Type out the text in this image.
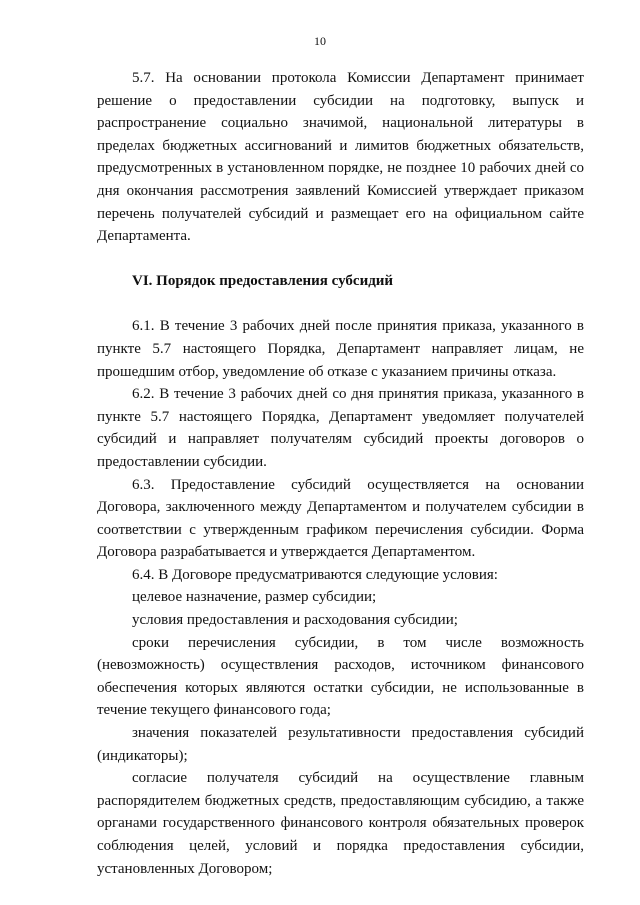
10

5.7. На основании протокола Комиссии Департамент принимает решение о предоставлении субсидии на подготовку, выпуск и распространение социально значимой, национальной литературы в пределах бюджетных ассигнований и лимитов бюджетных обязательств, предусмотренных в установленном порядке, не позднее 10 рабочих дней со дня окончания рассмотрения заявлений Комиссией утверждает приказом перечень получателей субсидий и размещает его на официальном сайте Департамента.

VI. Порядок предоставления субсидий

6.1. В течение 3 рабочих дней после принятия приказа, указанного в пункте 5.7 настоящего Порядка, Департамент направляет лицам, не прошедшим отбор, уведомление об отказе с указанием причины отказа.

6.2. В течение 3 рабочих дней со дня принятия приказа, указанного в пункте 5.7 настоящего Порядка, Департамент уведомляет получателей субсидий и направляет получателям субсидий проекты договоров о предоставлении субсидии.

6.3. Предоставление субсидий осуществляется на основании Договора, заключенного между Департаментом и получателем субсидии в соответствии с утвержденным графиком перечисления субсидии. Форма Договора разрабатывается и утверждается Департаментом.

6.4. В Договоре предусматриваются следующие условия:

целевое назначение, размер субсидии;

условия предоставления и расходования субсидии;

сроки перечисления субсидии, в том числе возможность (невозможность) осуществления расходов, источником финансового обеспечения которых являются остатки субсидии, не использованные в течение текущего финансового года;

значения показателей результативности предоставления субсидий (индикаторы);

согласие получателя субсидий на осуществление главным распорядителем бюджетных средств, предоставляющим субсидию, а также органами государственного финансового контроля обязательных проверок соблюдения целей, условий и порядка предоставления субсидии, установленных Договором;
